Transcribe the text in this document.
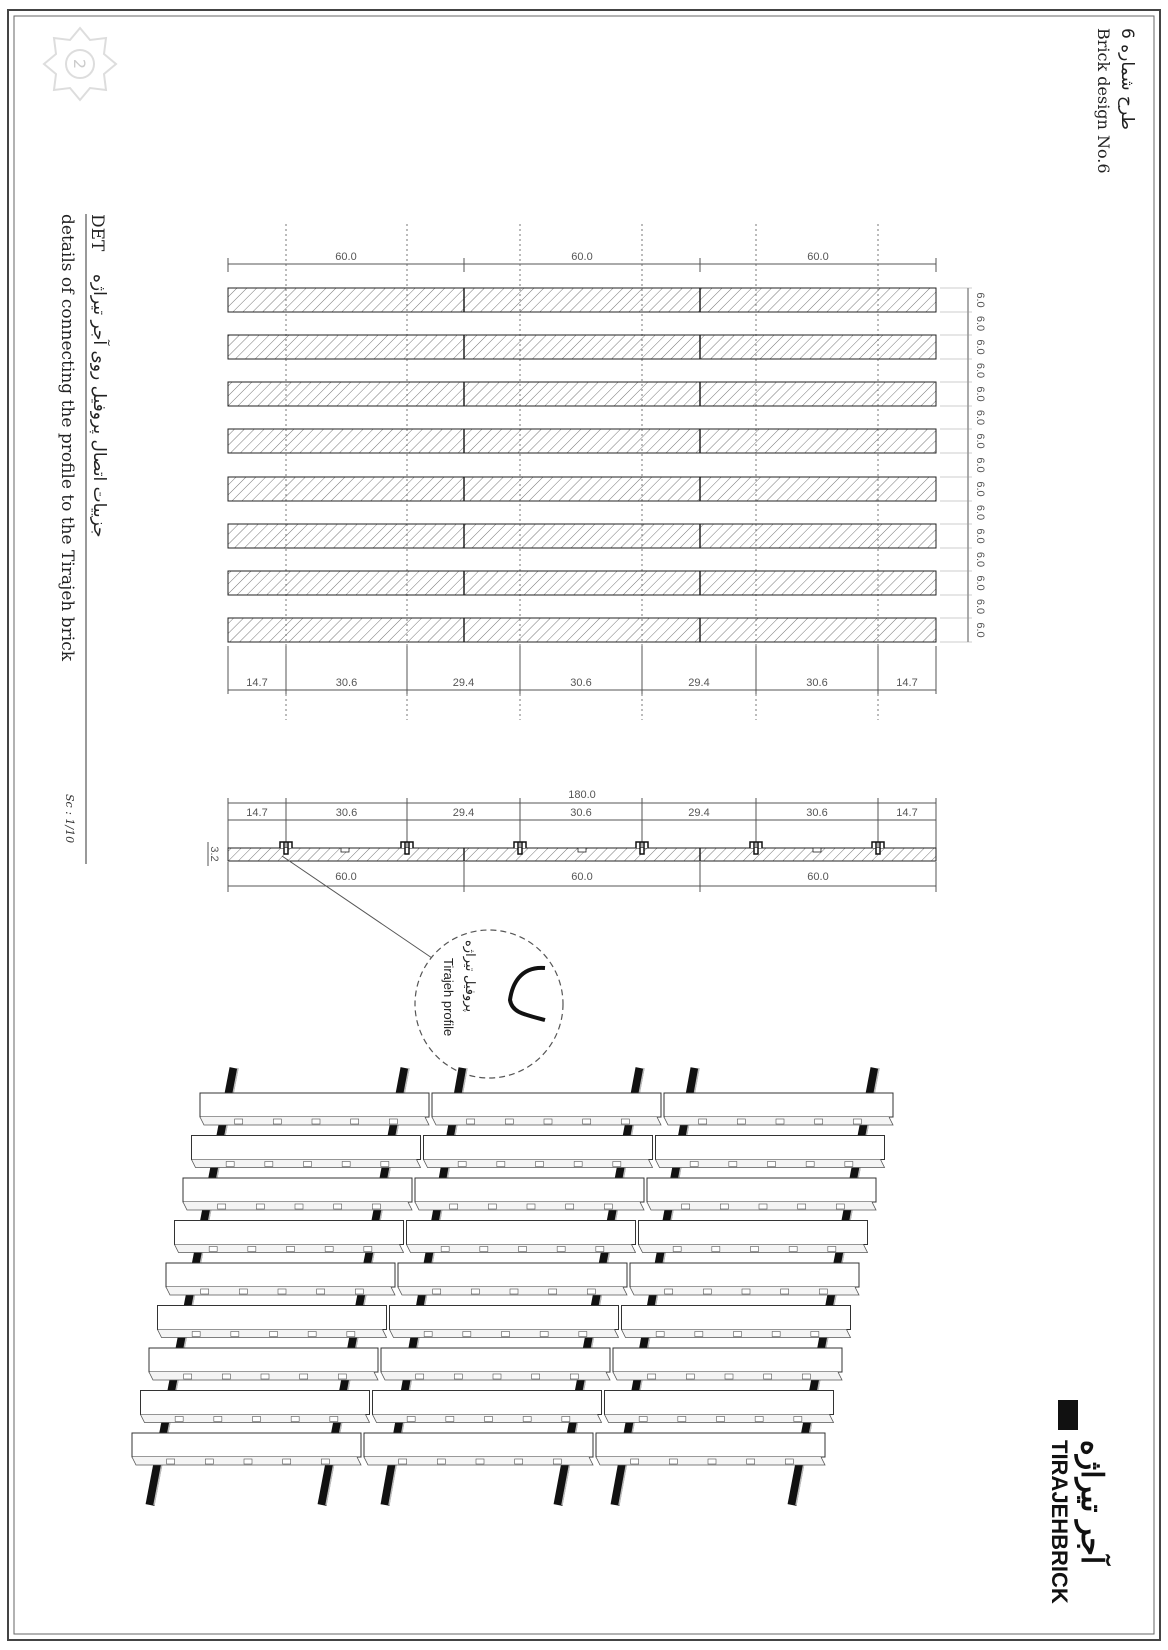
2
طرح شماره 6
Brick design No.6
DET
جزییات اتصال پروفیل روی آجر تیراژه
details of connecting the profile to the Tirajeh brick
Sc : 1/10
60.0	60.0	60.0
6.0
6.0
6.0
6.0
6.0
6.0
6.0
6.0
6.0
6.0
6.0
6.0
6.0
6.0
6.0
14.7	30.6	29.4	30.6	29.4	30.6	14.7
180.0
14.7	30.6	29.4	30.6	29.4	30.6	14.7
3.2
60.0	60.0	60.0
پروفیل تیراژه
Tirajeh profile
آجر تیراژه
TIRAJEHBRICK
